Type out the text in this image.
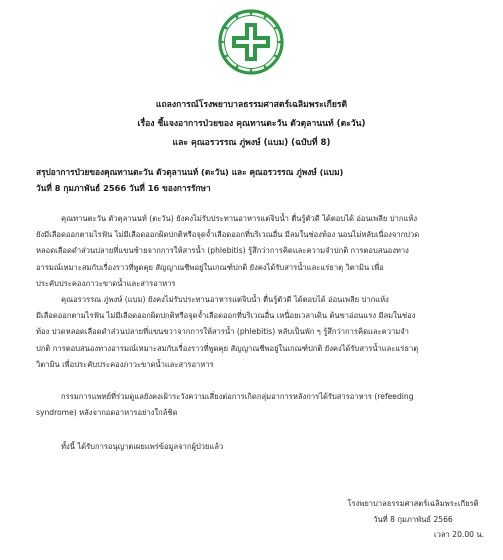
แถลงการณ์โรงพยาบาลธรรมศาสตร์เฉลิมพระเกียรติ
เรื่อง ชี้แจงอาการป่วยของ คุณทานตะวัน ตัวตุลานนท์ (ตะวัน)
และ คุณอรวรรณ ภู่พงษ์ (แบม) (ฉบับที่ 8)
สรุปอาการป่วยของคุณทานตะวัน ตัวตุลานนท์ (ตะวัน) และ คุณอรวรรณ ภู่พงษ์ (แบม)
วันที่ 8 กุมภาพันธ์ 2566 วันที่ 16 ของการรักษา
คุณทานตะวัน ตัวตุลานนท์ (ตะวัน) ยังคงไม่รับประทานอาหารแต่จิบน้ำ ตื่นรู้ตัวดี ได้ตอบได้ อ่อนเพลีย ปากแห้ง
ยังมีเลือดออกตามไรฟัน ไม่มีเลือดออกผิดปกติหรือจุดจ้ำเลือดออกที่บริเวณอื่น มีลมในช่องท้อง นอนไม่หลับเนื่องจากปวด
หลอดเลือดดำส่วนปลายที่แขนซ้ายจากการให้สารน้ำ (phlebitis) รู้สึกว่าการคิดและความจำปกติ การตอบสนองทาง
อารมณ์เหมาะสมกับเรื่องราวที่พูดคุย สัญญาณชีพอยู่ในเกณฑ์ปกติ ยังคงได้รับสารน้ำและแร่ธาตุ วิตามิน เพื่อ
ประคับประคองภาวะขาดน้ำและสารอาหาร
คุณอรวรรณ ภู่พงษ์ (แบม) ยังคงไม่รับประทานอาหารแต่จิบน้ำ ตื่นรู้ตัวดี ได้ตอบได้ อ่อนเพลีย ปากแห้ง
มีเลือดออกตามไรฟัน ไม่มีเลือดออกผิดปกติหรือจุดจ้ำเลือดออกที่บริเวณอื่น เหนื่อยเวลาเดิน ต้นขาอ่อนแรง มีลมในช่อง
ท้อง ปวดหลอดเลือดดำส่วนปลายที่แขนขวาจากการให้สารน้ำ (phlebitis) หลับเป็นพัก ๆ รู้สึกว่าการคิดและความจำ
ปกติ การตอบสนองทางอารมณ์เหมาะสมกับเรื่องราวที่พูดคุย สัญญาณชีพอยู่ในเกณฑ์ปกติ ยังคงได้รับสารน้ำและแร่ธาตุ
วิตามิน เพื่อประคับประคองภาวะขาดน้ำและสารอาหาร
กรรมการแพทย์ที่ร่วมดูแลยังคงเฝ้าระวังความเสี่ยงต่อการเกิดกลุ่มอาการหลังการได้รับสารอาหาร (refeeding
syndrome) หลังจากอดอาหารอย่างใกล้ชิด
ทั้งนี้ ได้รับการอนุญาตเผยแพร่ข้อมูลจากผู้ป่วยแล้ว
โรงพยาบาลธรรมศาสตร์เฉลิมพระเกียรติ
วันที่ 8 กุมภาพันธ์ 2566
เวลา 20.00 น.
